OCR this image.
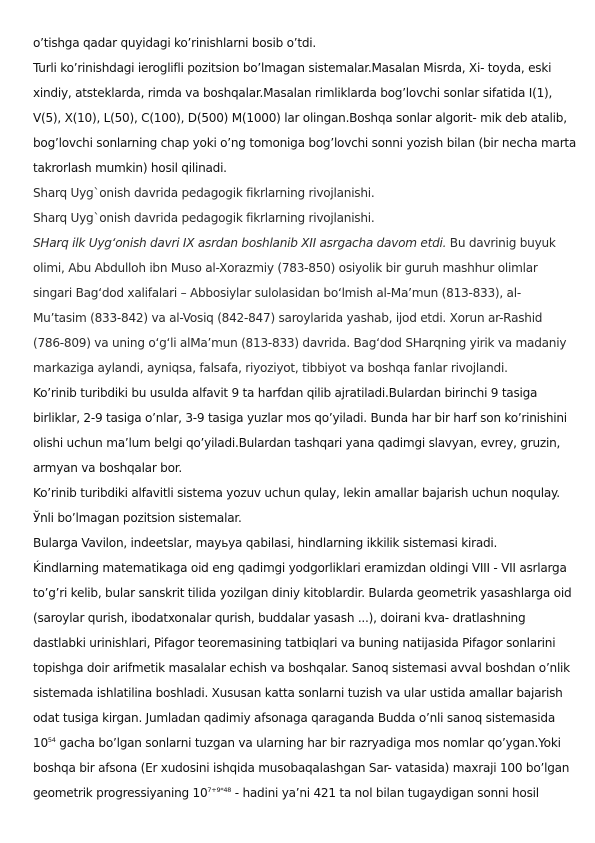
o’tishga qadar quyidagi ko’rinishlarni bosib o’tdi.
Turli ko’rinishdagi ieroglifli pozitsion bo’lmagan sistemalar.Masalan Misrda, Xi- toyda, eski
xindiy, atsteklarda, rimda va boshqalar.Masalan rimliklarda bog’lovchi sonlar sifatida I(1),
V(5), X(10), L(50), C(100), D(500) M(1000) lar olingan.Boshqa sonlar algorit- mik deb atalib,
bog’lovchi sonlarning chap yoki o’ng tomoniga bog’lovchi sonni yozish bilan (bir necha marta
takrorlash mumkin) hosil qilinadi.
Sharq Uyg`onish davrida pedagogik fikrlarning rivojlanishi.
Sharq Uyg`onish davrida pedagogik fikrlarning rivojlanishi.
SHarq ilk Uyg‘onish davri IX asrdan boshlanib XII asrgacha davom etdi. Bu davrinig buyuk
olimi, Abu Abdulloh ibn Muso al-Xorazmiy (783-850) osiyolik bir guruh mashhur olimlar
singari Bag‘dod xalifalari – Abbosiylar sulolasidan bo‘lmish al-Ma’mun (813-833), al-
Mu’tasim (833-842) va al-Vosiq (842-847) saroylarida yashab, ijod etdi. Xorun ar-Rashid
(786-809) va uning o‘g‘li alMa’mun (813-833) davrida. Bag‘dod SHarqning yirik va madaniy
markaziga aylandi, ayniqsa, falsafa, riyoziyot, tibbiyot va boshqa fanlar rivojlandi.
Ko’rinib turibdiki bu usulda alfavit 9 ta harfdan qilib ajratiladi.Bulardan birinchi 9 tasiga
birliklar, 2-9 tasiga o’nlar, 3-9 tasiga yuzlar mos qo’yiladi. Bunda har bir harf son ko’rinishini
olishi uchun ma’lum belgi qo’yiladi.Bulardan tashqari yana qadimgi slavyan, evrey, gruzin,
armyan va boshqalar bor.
Ko’rinib turibdiki alfavitli sistema yozuv uchun qulay, lekin amallar bajarish uchun noqulay.
Ўnli bo’lmagan pozitsion sistemalar.
Bulаrga Vavilon, indeetslar, mayьya qabilasi, hindlarning ikkilik sistemasi kiradi.
Ḱindlarning matematikaga oid eng qadimgi yodgorliklari eramizdan oldingi VIII - VII asrlarga
to’g’ri kelib, bular sanskrit tilida yozilgan diniy kitoblardir. Bularda geometrik yasashlarga oid
(saroylar qurish, ibodatxonalar qurish, buddalar yasash ...), doirani kva- dratlashning
dastlabki urinishlari, Pifagor teoremasining tatbiqlari va buning natijasida Pifagor sonlarini
topishga doir arifmetik masalalar echish va boshqalar. Sanoq sistemasi avval boshdan o’nlik
sistemada ishlatilina boshladi. Xususan katta sonlarni tuzish va ular ustida amallar bajarish
odat tusiga kirgan. Jumladan qadimiy afsonaga qaraganda Budda o’nli sanoq sistemasida
$10^{54}$ gacha bo’lgan sonlarni tuzgan va ularning har bir razryadiga mos nomlar qo’ygan.Yoki
boshqa bir afsona (Er xudosini ishqida musobaqalashgan Sar- vatasida) maxraji 100 bo’lgan
geometrik progressiyaning $10^{7+9*48}$ - hadini ya’ni 421 ta nol bilan tugaydigan sonni hosil
